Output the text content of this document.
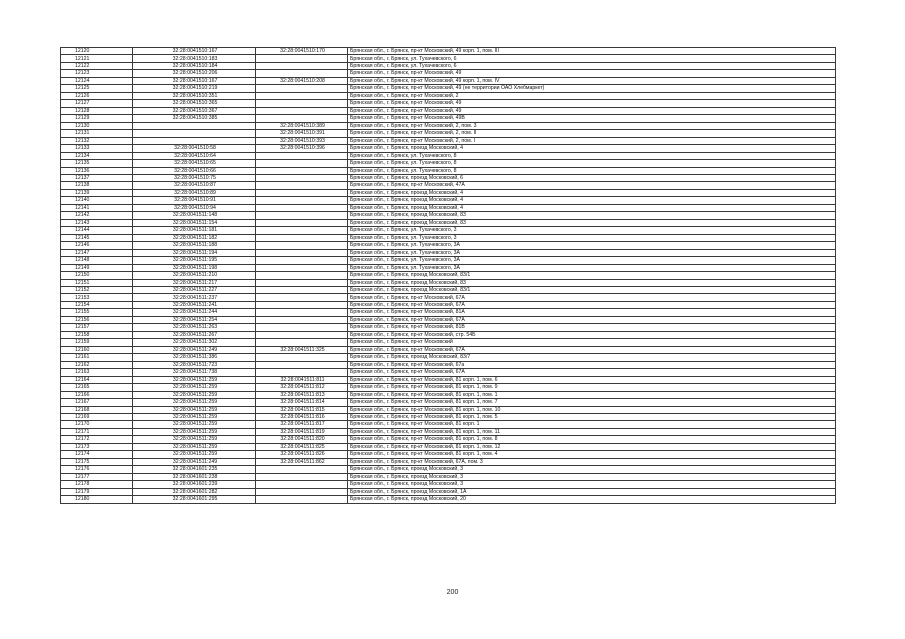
12120	32:28:0041510:167	32:28:0041510:170	Брянская обл., г. Брянск, пр-кт Московский, 49 корп. 1, пом. III
12121	32:28:0041510:183		Брянская обл., г. Брянск, ул. Тухачевского, 6
12122	32:28:0041510:184		Брянская обл., г. Брянск, ул. Тухачевского, 6
12123	32:28:0041510:206		Брянская обл., г. Брянск, пр-кт Московский, 49
12124	32:28:0041510:167	32:28:0041510:208	Брянская обл., г. Брянск, пр-кт Московский, 49 корп. 1, пом. IV
12125	32:28:0041510:219		Брянская обл., г. Брянск, пр-кт Московский, 49 (не территории ОАО Хлебмаркет)
12126	32:28:0041510:351		Брянская обл., г. Брянск, пр-кт Московский, 2
12127	32:28:0041510:365		Брянская обл., г. Брянск, пр-кт Московский, 49
12128	32:28:0041510:367		Брянская обл., г. Брянск, пр-кт Московский, 49
12129	32:28:0041510:385		Брянская обл., г. Брянск, пр-кт Московский, 49В
12130		32:28:0041510:389	Брянская обл., г. Брянск, пр-кт Московский, 2, пом. 3
12131		32:28:0041510:391	Брянская обл., г. Брянск, пр-кт Московский, 2, пом. II
12132		32:28:0041510:393	Брянская обл., г. Брянск, пр-кт Московский, 2, пом. I
12133	32:28:0041510:58	32:28:0041510:396	Брянская обл., г. Брянск, проезд Московский, 4
12134	32:28:0041510:64		Брянская обл., г. Брянск, ул. Тухачевского, 8
12135	32:28:0041510:65		Брянская обл., г. Брянск, ул. Тухачевского, 8
12136	32:28:0041510:66		Брянская обл., г. Брянск, ул. Тухачевского, 8
12137	32:28:0041510:75		Брянская обл., г. Брянск, проезд Московский, 6
12138	32:28:0041510:87		Брянская обл., г. Брянск, пр-кт Московский, 47А
12139	32:28:0041510:89		Брянская обл., г. Брянск, проезд Московский, 4
12140	32:28:0041510:91		Брянская обл., г. Брянск, проезд Московский, 4
12141	32:28:0041510:94		Брянская обл., г. Брянск, проезд Московский, 4
12142	32:28:0041511:148		Брянская обл., г. Брянск, проезд Московский, 83
12143	32:28:0041511:154		Брянская обл., г. Брянск, проезд Московский, 83
12144	32:28:0041511:181		Брянская обл., г. Брянск, ул. Тухачевского, 3
12145	32:28:0041511:182		Брянская обл., г. Брянск, ул. Тухачевского, 3
12146	32:28:0041511:188		Брянская обл., г. Брянск, ул. Тухачевского, 3А
12147	32:28:0041511:194		Брянская обл., г. Брянск, ул. Тухачевского, 3А
12148	32:28:0041511:195		Брянская обл., г. Брянск, ул. Тухачевского, 3А
12149	32:28:0041511:198		Брянская обл., г. Брянск, ул. Тухачевского, 3А
12150	32:28:0041511:210		Брянская обл., г. Брянск, проезд Московский, 83/1
12151	32:28:0041511:217		Брянская обл., г. Брянск, проезд Московский, 83
12152	32:28:0041511:227		Брянская обл., г. Брянск, проезд Московский, 83/1
12153	32:28:0041511:237		Брянская обл., г. Брянск, пр-кт Московский, 67А
12154	32:28:0041511:241		Брянская обл., г. Брянск, пр-кт Московский, 67А
12155	32:28:0041511:244		Брянская обл., г. Брянск, пр-кт Московский, 81А
12156	32:28:0041511:254		Брянская обл., г. Брянск, пр-кт Московский, 67А
12157	32:28:0041511:263		Брянская обл., г. Брянск, пр-кт Московский, 81В
12158	32:28:0041511:267		Брянская обл., г. Брянск, пр-кт Московский, стр. 54Б
12159	32:28:0041511:302		Брянская обл., г. Брянск, пр-кт Московский
12160	32:28:0041511:249	32:28:0041511:325	Брянская обл., г. Брянск, пр-кт Московский, 67А
12161	32:28:0041511:386		Брянская обл., г. Брянск, проезд Московский, 83/7
12162	32:28:0041511:723		Брянская обл., г. Брянск, пр-кт Московский, 67а
12163	32:28:0041511:738		Брянская обл., г. Брянск, пр-кт Московский, 67А
12164	32:28:0041511:259	32:28:0041511:811	Брянская обл., г. Брянск, пр-кт Московский, 81 корп. 1, пом. 6
12165	32:28:0041511:259	32:28:0041511:812	Брянская обл., г. Брянск, пр-кт Московский, 81 корп. 1, пом. 9
12166	32:28:0041511:259	32:28:0041511:813	Брянская обл., г. Брянск, пр-кт Московский, 81 корп. 1, пом. 1
12167	32:28:0041511:259	32:28:0041511:814	Брянская обл., г. Брянск, пр-кт Московский, 81 корп. 1, пом. 7
12168	32:28:0041511:259	32:28:0041511:815	Брянская обл., г. Брянск, пр-кт Московский, 81 корп. 1, пом. 10
12169	32:28:0041511:259	32:28:0041511:816	Брянская обл., г. Брянск, пр-кт Московский, 81 корп. 1, пом. 5
12170	32:28:0041511:259	32:28:0041511:817	Брянская обл., г. Брянск, пр-кт Московский, 81 корп. 1
12171	32:28:0041511:259	32:28:0041511:819	Брянская обл., г. Брянск, пр-кт Московский, 81 корп. 1, пом. 11
12172	32:28:0041511:259	32:28:0041511:820	Брянская обл., г. Брянск, пр-кт Московский, 81 корп. 1, пом. 8
12173	32:28:0041511:259	32:28:0041511:825	Брянская обл., г. Брянск, пр-кт Московский, 81 корп. 1, пом. 12
12174	32:28:0041511:259	32:28:0041511:826	Брянская обл., г. Брянск, пр-кт Московский, 81 корп. 1, пом. 4
12175	32:28:0041511:249	32:28:0041511:862	Брянская обл., г. Брянск, пр-кт Московский, 67А, пом. 3
12176	32:28:0041601:235		Брянская обл., г. Брянск, проезд Московский, 3
12177	32:28:0041601:238		Брянская обл., г. Брянск, проезд Московский, 3
12178	32:28:0041601:239		Брянская обл., г. Брянск, проезд Московский, 3
12179	32:28:0041601:282		Брянская обл., г. Брянск, проезд Московский, 1А
12180	32:28:0041601:295		Брянская обл., г. Брянск, проезд Московский, 20
200
